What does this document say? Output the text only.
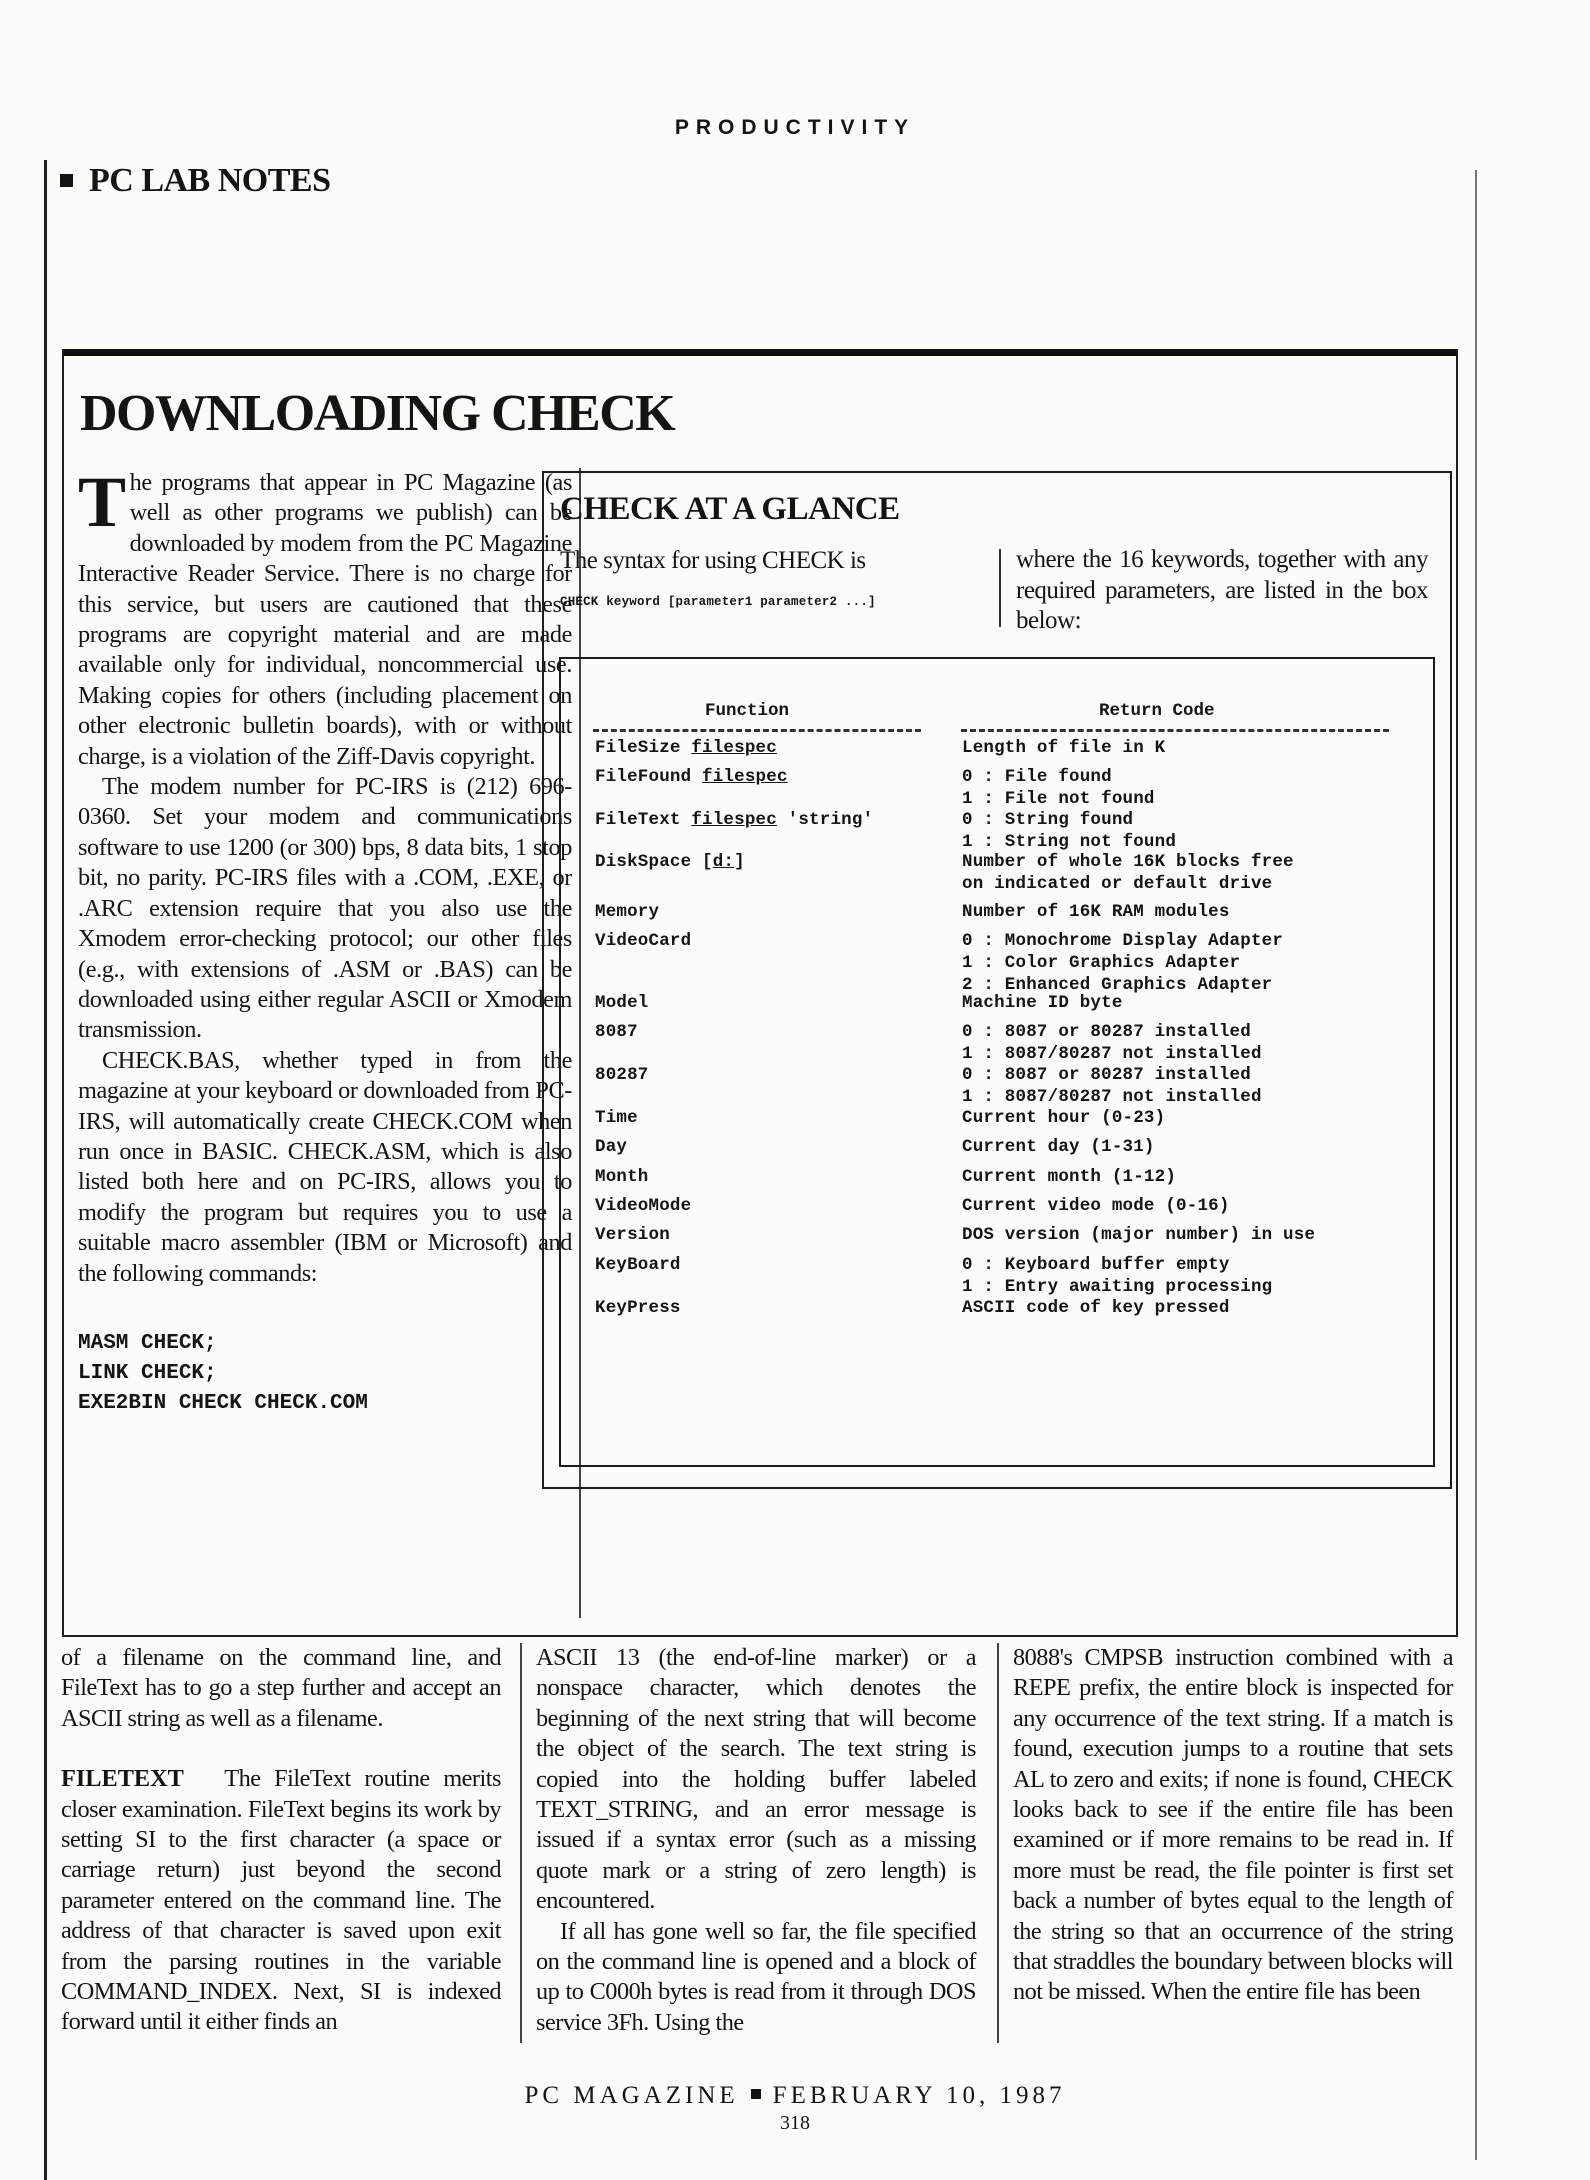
PRODUCTIVITY
PC LAB NOTES
DOWNLOADING CHECK

The programs that appear in PC Magazine (as well as other programs we publish) can be downloaded by modem from the PC Magazine Interactive Reader Service. There is no charge for this service, but users are cautioned that these programs are copyright material and are made available only for individual, noncommercial use. Making copies for others (including placement on other electronic bulletin boards), with or without charge, is a violation of the Ziff-Davis copyright.

The modem number for PC-IRS is (212) 696-0360. Set your modem and communications software to use 1200 (or 300) bps, 8 data bits, 1 stop bit, no parity. PC-IRS files with a .COM, .EXE, or .ARC extension require that you also use the Xmodem error-checking protocol; our other files (e.g., with extensions of .ASM or .BAS) can be downloaded using either regular ASCII or Xmodem transmission.

CHECK.BAS, whether typed in from the magazine at your keyboard or downloaded from PC-IRS, will automatically create CHECK.COM when run once in BASIC. CHECK.ASM, which is also listed both here and on PC-IRS, allows you to modify the program but requires you to use a suitable macro assembler (IBM or Microsoft) and the following commands:

MASM CHECK;
LINK CHECK;
EXE2BIN CHECK CHECK.COM

CHECK AT A GLANCE
The syntax for using CHECK is
CHECK keyword [parameter1 parameter2 ...]
where the 16 keywords, together with any required parameters, are listed in the box below:
Function	Return Code
FileSize filespec	Length of file in K
FileFound filespec	0 : File found
1 : File not found
FileText filespec 'string'	0 : String found
1 : String not found
DiskSpace [d:]	Number of whole 16K blocks free
on indicated or default drive
Memory	Number of 16K RAM modules
VideoCard	0 : Monochrome Display Adapter
1 : Color Graphics Adapter
2 : Enhanced Graphics Adapter
Model	Machine ID byte
8087	0 : 8087 or 80287 installed
1 : 8087/80287 not installed
80287	0 : 8087 or 80287 installed
1 : 8087/80287 not installed
Time	Current hour (0-23)
Day	Current day (1-31)
Month	Current month (1-12)
VideoMode	Current video mode (0-16)
Version	DOS version (major number) in use
KeyBoard	0 : Keyboard buffer empty
1 : Entry awaiting processing
KeyPress	ASCII code of key pressed

of a filename on the command line, and FileText has to go a step further and accept an ASCII string as well as a filename.

FILETEXT The FileText routine merits closer examination. FileText begins its work by setting SI to the first character (a space or carriage return) just beyond the second parameter entered on the command line. The address of that character is saved upon exit from the parsing routines in the variable COMMAND_INDEX. Next, SI is indexed forward until it either finds an

ASCII 13 (the end-of-line marker) or a nonspace character, which denotes the beginning of the next string that will become the object of the search. The text string is copied into the holding buffer labeled TEXT_STRING, and an error message is issued if a syntax error (such as a missing quote mark or a string of zero length) is encountered.

If all has gone well so far, the file specified on the command line is opened and a block of up to C000h bytes is read from it through DOS service 3Fh. Using the

8088's CMPSB instruction combined with a REPE prefix, the entire block is inspected for any occurrence of the text string. If a match is found, execution jumps to a routine that sets AL to zero and exits; if none is found, CHECK looks back to see if the entire file has been examined or if more remains to be read in. If more must be read, the file pointer is first set back a number of bytes equal to the length of the string so that an occurrence of the string that straddles the boundary between blocks will not be missed. When the entire file has been

PC MAGAZINE FEBRUARY 10, 1987
318
